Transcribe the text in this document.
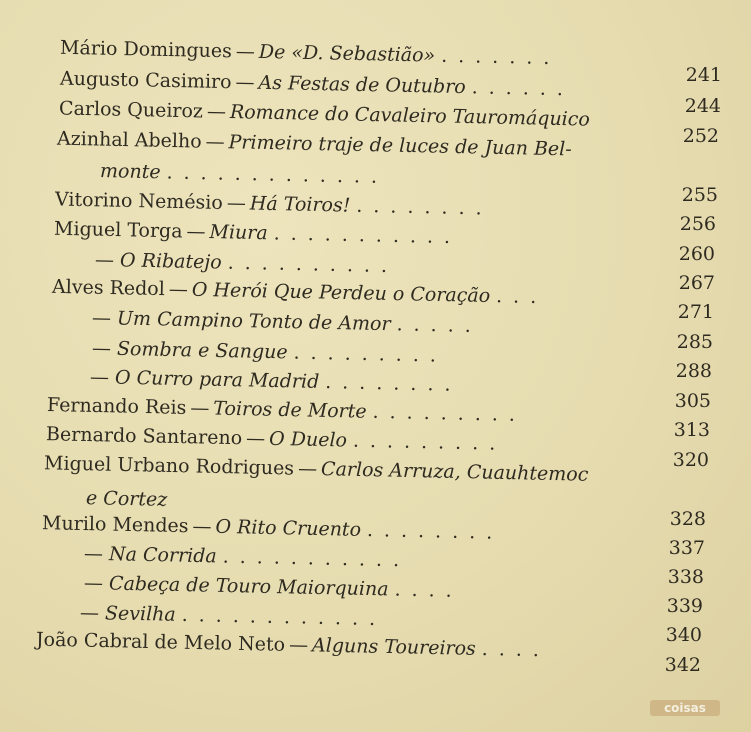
Mário Domingues — De «D. Sebastião» .......
241
Augusto Casimiro — As Festas de Outubro ......
244
Carlos Queiroz — Romance do Cavaleiro Tauromáquico
252
Azinhal Abelho — Primeiro traje de luces de Juan Bel-
monte .............
255
Vitorino Nemésio — Há Toiros! ........
256
Miguel Torga — Miura ...........
260
— O Ribatejo ..........
267
Alves Redol — O Herói Que Perdeu o Coração ...
271
— Um Campino Tonto de Amor .....
285
— Sombra e Sangue .........
288
— O Curro para Madrid ........
305
Fernando Reis — Toiros de Morte .........
313
Bernardo Santareno — O Duelo .........
320
Miguel Urbano Rodrigues — Carlos Arruza, Cuauhtemoc
e Cortez
Murilo Mendes — O Rito Cruento ........	328
337
— Na Corrida ...........
338
— Cabeça de Touro Maiorquina ....
339
— Sevilha ............
340
João Cabral de Melo Neto — Alguns Toureiros ....
342
coisas
